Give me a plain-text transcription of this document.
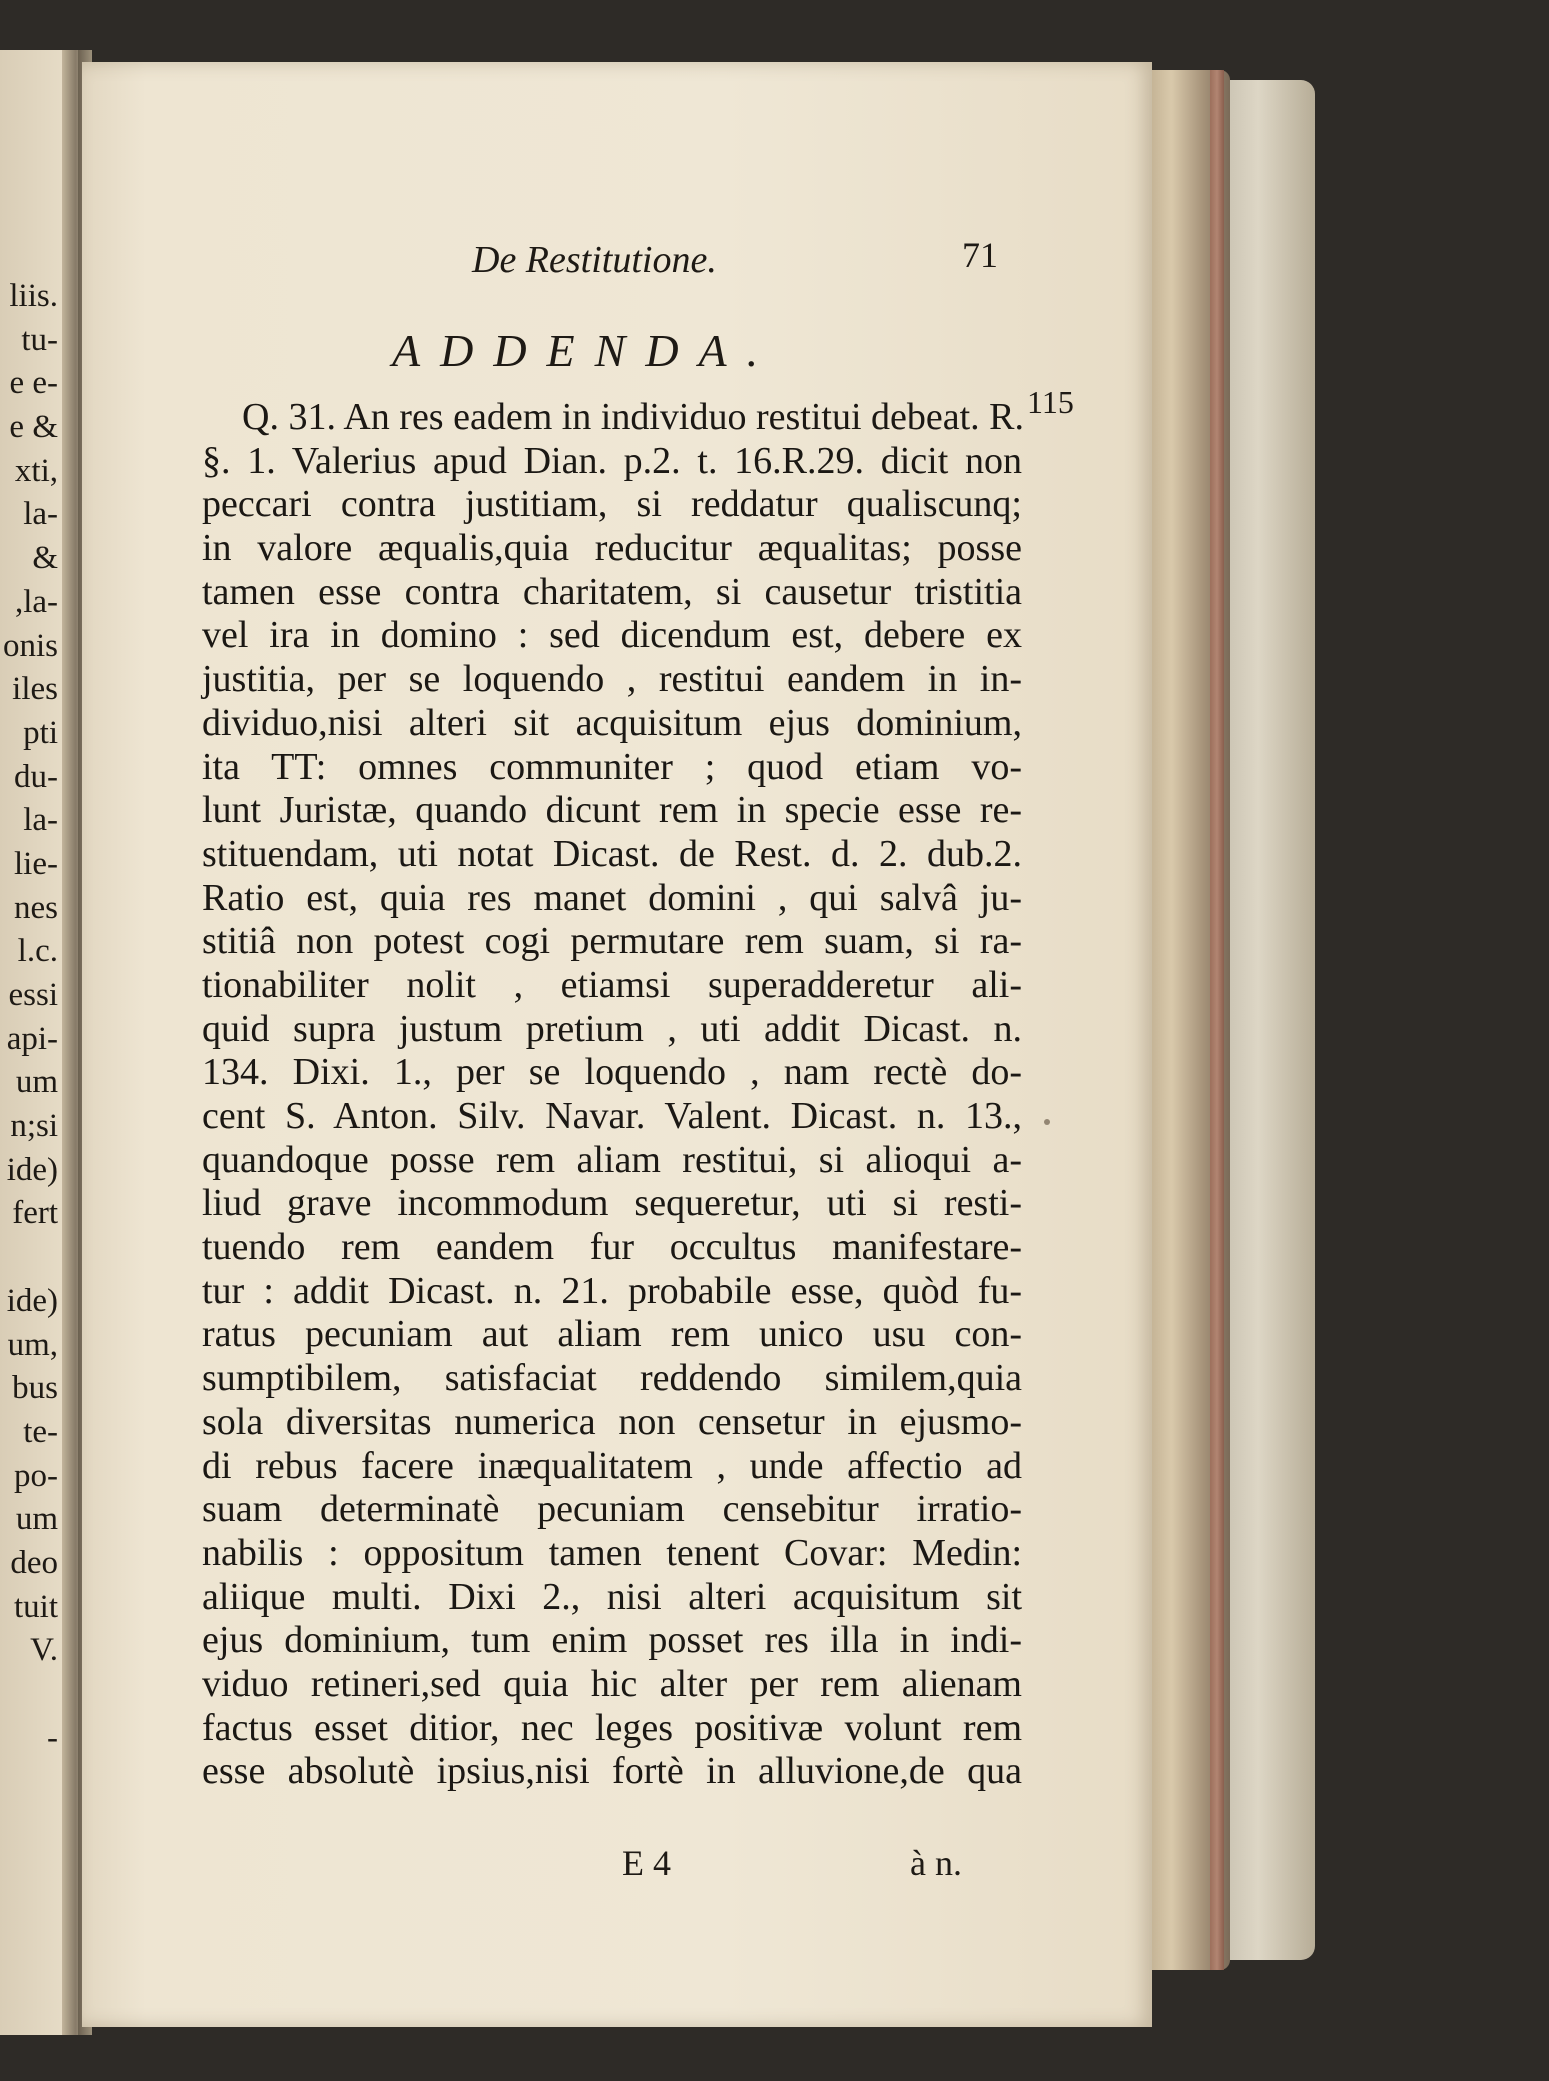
liis.
tu-
e e-
e &
xti,
la-
&
,la-
onis
iles
pti
du-
la-
lie-
nes
l.c.
essi
api-
um
n;si
ide)
fert
ide)
um,
bus
te-
po-
um
deo
tuit
V.
-
De Restitutione.	71
ADDENDA.
115
Q. 31. An res eadem in individuo restitui debeat. R.
§. 1. Valerius apud Dian. p.2. t. 16.R.29. dicit non
peccari contra justitiam, si reddatur qualiscunq;
in valore æqualis,quia reducitur æqualitas; posse
tamen esse contra charitatem, si causetur tristitia
vel ira in domino : sed dicendum est, debere ex
justitia, per se loquendo , restitui eandem in in-
dividuo,nisi alteri sit acquisitum ejus dominium,
ita TT: omnes communiter ; quod etiam vo-
lunt Juristæ, quando dicunt rem in specie esse re-
stituendam, uti notat Dicast. de Rest. d. 2. dub.2.
Ratio est, quia res manet domini , qui salvâ ju-
stitiâ non potest cogi permutare rem suam, si ra-
tionabiliter nolit , etiamsi superadderetur ali-
quid supra justum pretium , uti addit Dicast. n.
134. Dixi. 1., per se loquendo , nam rectè do-
cent S. Anton. Silv. Navar. Valent. Dicast. n. 13.,
quandoque posse rem aliam restitui, si alioqui a-
liud grave incommodum sequeretur, uti si resti-
tuendo rem eandem fur occultus manifestare-
tur : addit Dicast. n. 21. probabile esse, quòd fu-
ratus pecuniam aut aliam rem unico usu con-
sumptibilem, satisfaciat reddendo similem,quia
sola diversitas numerica non censetur in ejusmo-
di rebus facere inæqualitatem , unde affectio ad
suam determinatè pecuniam censebitur irratio-
nabilis : oppositum tamen tenent Covar: Medin:
aliique multi. Dixi 2., nisi alteri acquisitum sit
ejus dominium, tum enim posset res illa in indi-
viduo retineri,sed quia hic alter per rem alienam
factus esset ditior, nec leges positivæ volunt rem
esse absolutè ipsius,nisi fortè in alluvione,de qua
E 4	à n.
